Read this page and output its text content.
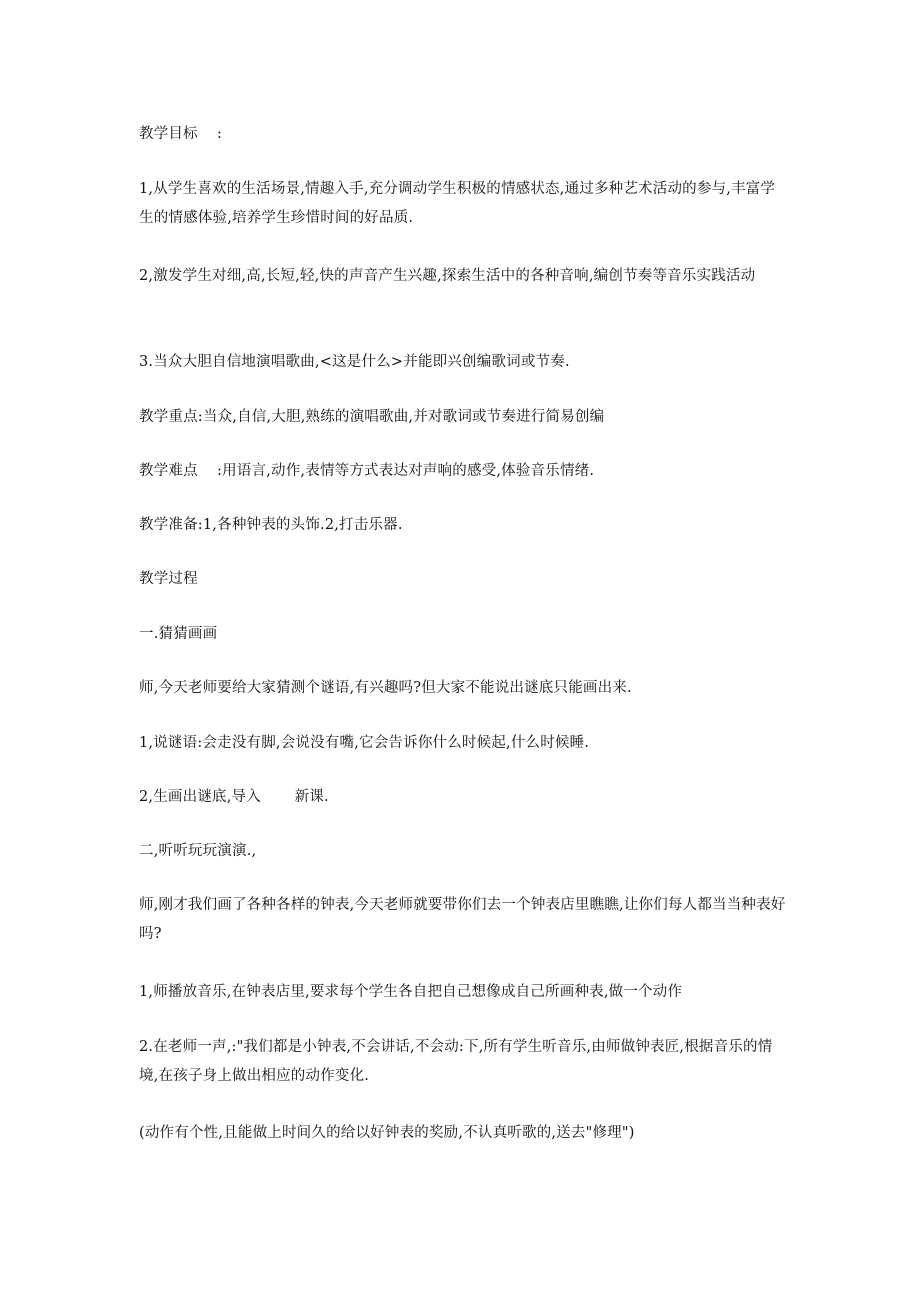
教学目标    :

1,从学生喜欢的生活场景,情趣入手,充分调动学生积极的情感状态,通过多种艺术活动的参与,丰富学生的情感体验,培养学生珍惜时间的好品质.

2,激发学生对细,高,长短,轻,快的声音产生兴趣,探索生活中的各种音响,编创节奏等音乐实践活动

3.当众大胆自信地演唱歌曲,<这是什么>并能即兴创编歌词或节奏.

教学重点:当众,自信,大胆,熟练的演唱歌曲,并对歌词或节奏进行简易创编

教学难点    :用语言,动作,表情等方式表达对声响的感受,体验音乐情绪.

教学准备:1,各种钟表的头饰.2,打击乐器.

教学过程

一.猜猜画画

师,今天老师要给大家猜测个谜语,有兴趣吗?但大家不能说出谜底只能画出来.

1,说谜语:会走没有脚,会说没有嘴,它会告诉你什么时候起,什么时候睡.

2,生画出谜底,导入       新课.

二,听听玩玩演演.,

师,刚才我们画了各种各样的钟表,今天老师就要带你们去一个钟表店里瞧瞧,让你们每人都当当种表好吗?

1,师播放音乐,在钟表店里,要求每个学生各自把自己想像成自己所画种表,做一个动作

2.在老师一声,:"我们都是小钟表,不会讲话,不会动:下,所有学生听音乐,由师做钟表匠,根据音乐的情境,在孩子身上做出相应的动作变化.

(动作有个性,且能做上时间久的给以好钟表的奖励,不认真听歌的,送去"修理")
